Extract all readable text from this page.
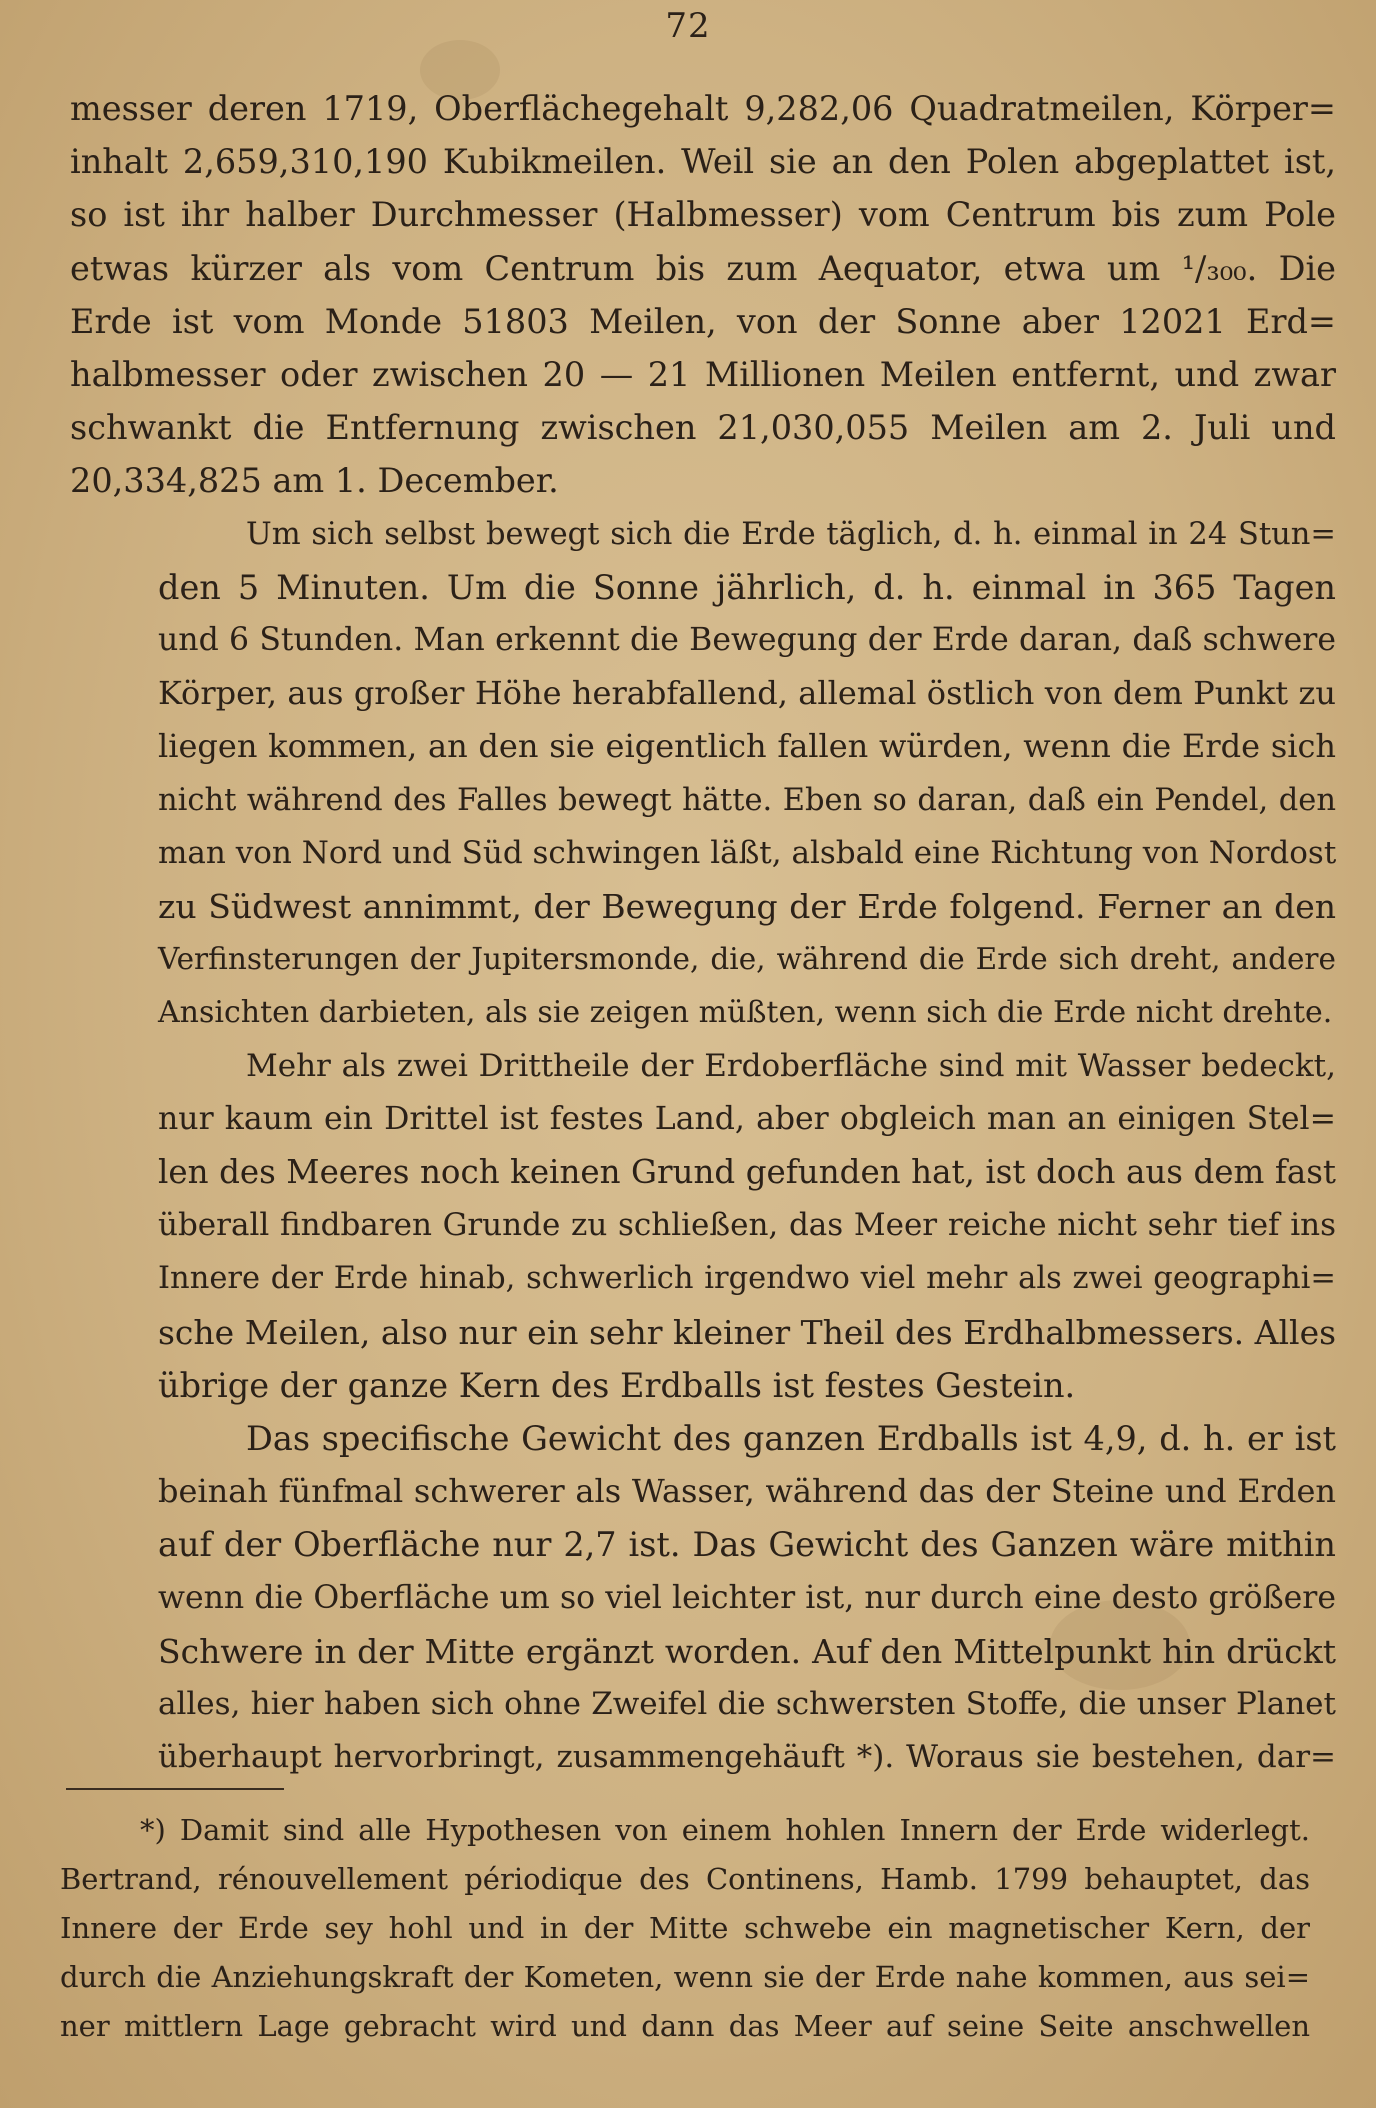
72

messer deren 1719, Oberflächegehalt 9,282,06 Quadratmeilen, Körper=
inhalt 2,659,310,190 Kubikmeilen. Weil sie an den Polen abgeplattet ist,
so ist ihr halber Durchmesser (Halbmesser) vom Centrum bis zum Pole
etwas kürzer als vom Centrum bis zum Aequator, etwa um ¹/₃₀₀. Die
Erde ist vom Monde 51803 Meilen, von der Sonne aber 12021 Erd=
halbmesser oder zwischen 20 — 21 Millionen Meilen entfernt, und zwar
schwankt die Entfernung zwischen 21,030,055 Meilen am 2. Juli und
20,334,825 am 1. December.

Um sich selbst bewegt sich die Erde täglich, d. h. einmal in 24 Stun=
den 5 Minuten. Um die Sonne jährlich, d. h. einmal in 365 Tagen
und 6 Stunden. Man erkennt die Bewegung der Erde daran, daß schwere
Körper, aus großer Höhe herabfallend, allemal östlich von dem Punkt zu
liegen kommen, an den sie eigentlich fallen würden, wenn die Erde sich
nicht während des Falles bewegt hätte. Eben so daran, daß ein Pendel, den
man von Nord und Süd schwingen läßt, alsbald eine Richtung von Nordost
zu Südwest annimmt, der Bewegung der Erde folgend. Ferner an den
Verfinsterungen der Jupitersmonde, die, während die Erde sich dreht, andere
Ansichten darbieten, als sie zeigen müßten, wenn sich die Erde nicht drehte.

Mehr als zwei Drittheile der Erdoberfläche sind mit Wasser bedeckt,
nur kaum ein Drittel ist festes Land, aber obgleich man an einigen Stel=
len des Meeres noch keinen Grund gefunden hat, ist doch aus dem fast
überall findbaren Grunde zu schließen, das Meer reiche nicht sehr tief ins
Innere der Erde hinab, schwerlich irgendwo viel mehr als zwei geographi=
sche Meilen, also nur ein sehr kleiner Theil des Erdhalbmessers. Alles
übrige der ganze Kern des Erdballs ist festes Gestein.

Das specifische Gewicht des ganzen Erdballs ist 4,9, d. h. er ist
beinah fünfmal schwerer als Wasser, während das der Steine und Erden
auf der Oberfläche nur 2,7 ist. Das Gewicht des Ganzen wäre mithin
wenn die Oberfläche um so viel leichter ist, nur durch eine desto größere
Schwere in der Mitte ergänzt worden. Auf den Mittelpunkt hin drückt
alles, hier haben sich ohne Zweifel die schwersten Stoffe, die unser Planet
überhaupt hervorbringt, zusammengehäuft *). Woraus sie bestehen, dar=

*) Damit sind alle Hypothesen von einem hohlen Innern der Erde widerlegt.
Bertrand, rénouvellement périodique des Continens, Hamb. 1799 behauptet, das
Innere der Erde sey hohl und in der Mitte schwebe ein magnetischer Kern, der
durch die Anziehungskraft der Kometen, wenn sie der Erde nahe kommen, aus sei=
ner mittlern Lage gebracht wird und dann das Meer auf seine Seite anschwellen
